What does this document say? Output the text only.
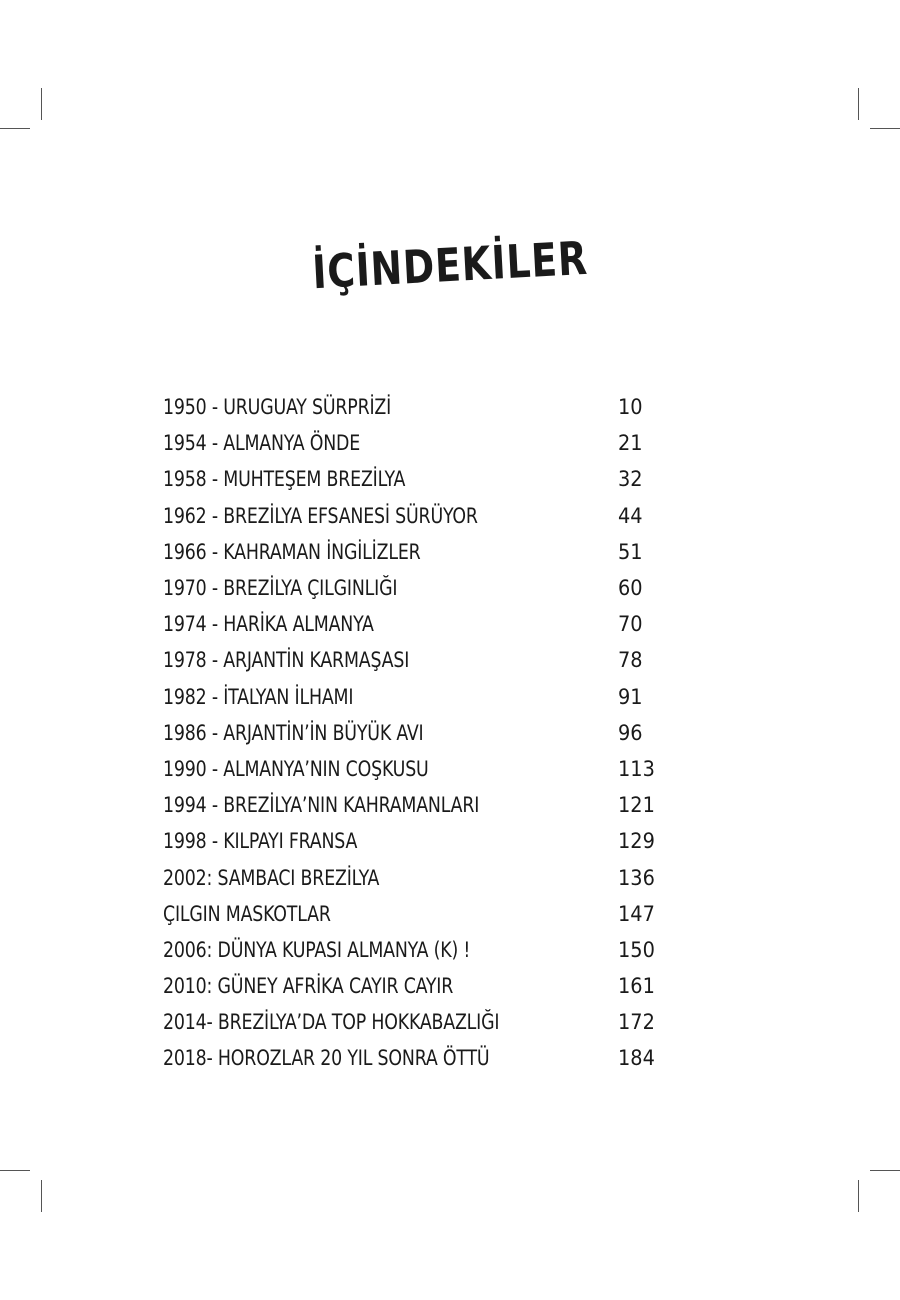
İÇİNDEKİLER
1950 - URUGUAY SÜRPRİZİ	10
1954 - ALMANYA ÖNDE	21
1958 - MUHTEŞEM BREZİLYA	32
1962 - BREZİLYA EFSANESİ SÜRÜYOR	44
1966 - KAHRAMAN İNGİLİZLER	51
1970 - BREZİLYA ÇILGINLIĞI	60
1974 - HARİKA ALMANYA	70
1978 - ARJANTİN KARMAŞASI	78
1982 - İTALYAN İLHAMI	91
1986 - ARJANTİN’İN BÜYÜK AVI	96
1990 - ALMANYA’NIN COŞKUSU	113
1994 - BREZİLYA’NIN KAHRAMANLARI	121
1998 - KILPAYI FRANSA	129
2002: SAMBACI BREZİLYA	136
ÇILGIN MASKOTLAR	147
2006: DÜNYA KUPASI ALMANYA (K) !	150
2010: GÜNEY AFRİKA CAYIR CAYIR	161
2014- BREZİLYA’DA TOP HOKKABAZLIĞI	172
2018- HOROZLAR 20 YIL SONRA ÖTTÜ	184
